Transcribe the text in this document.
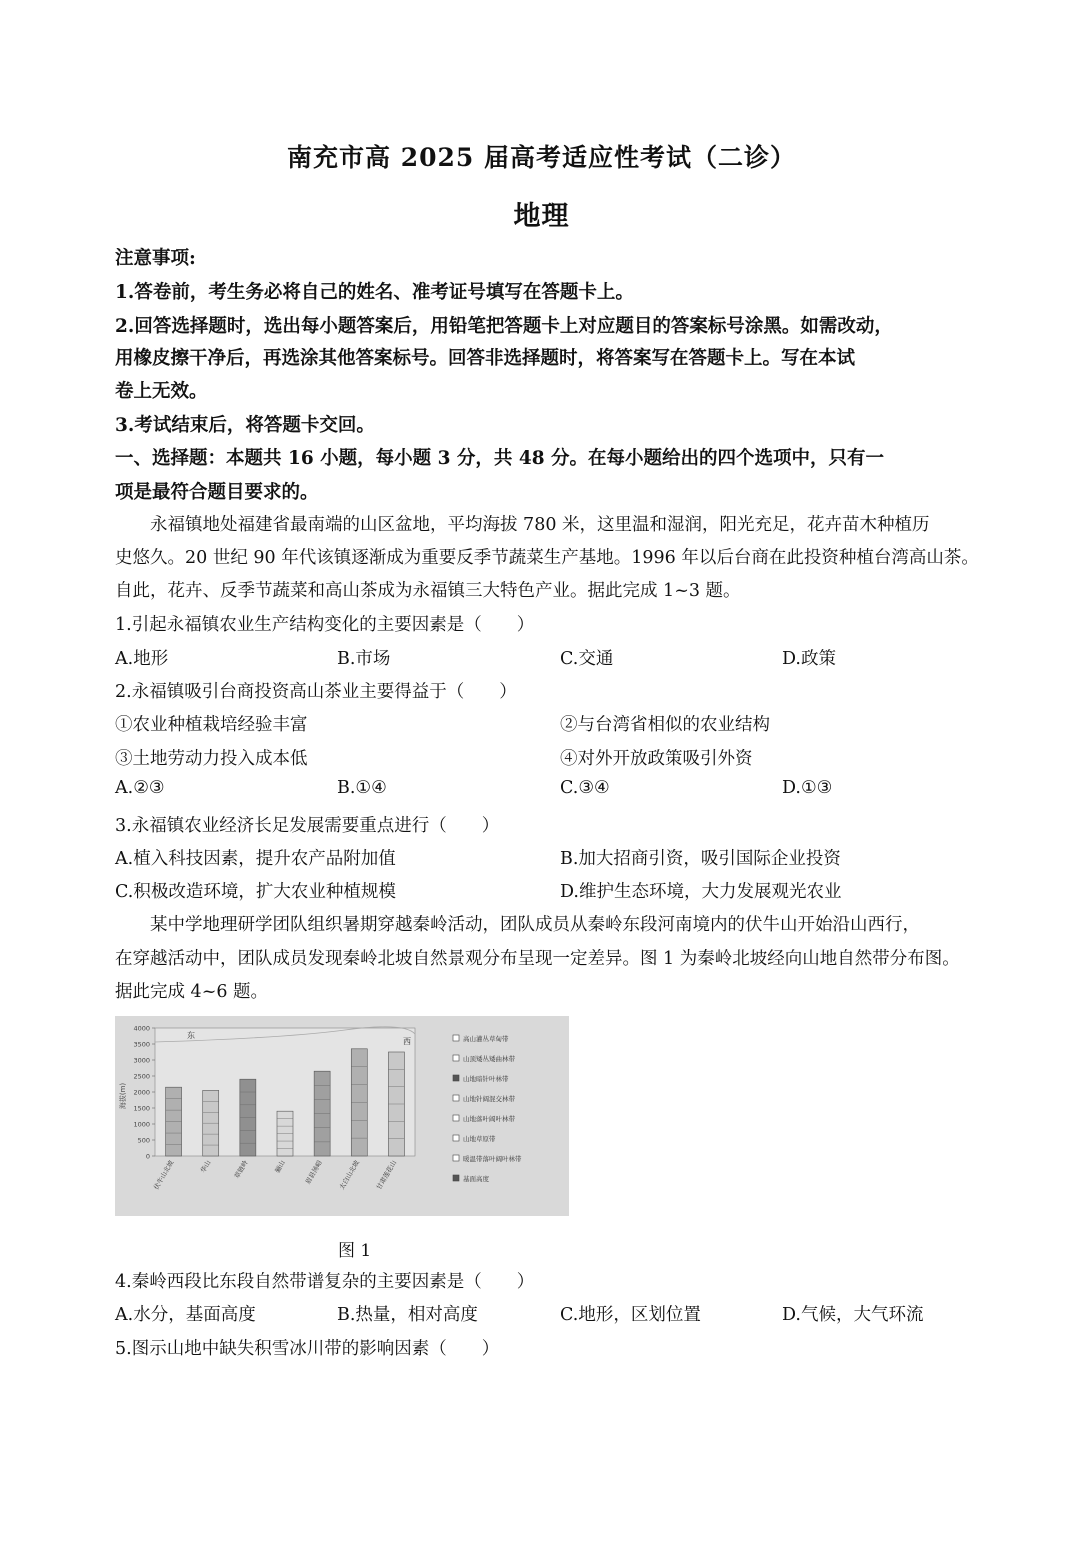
南充市高 2025 届高考适应性考试（二诊）
地理
注意事项:
1.答卷前，考生务必将自己的姓名、准考证号填写在答题卡上。
2.回答选择题时，选出每小题答案后，用铅笔把答题卡上对应题目的答案标号涂黑。如需改动，
用橡皮擦干净后，再选涂其他答案标号。回答非选择题时，将答案写在答题卡上。写在本试
卷上无效。
3.考试结束后，将答题卡交回。
一、选择题：本题共 16 小题，每小题 3 分，共 48 分。在每小题给出的四个选项中，只有一
项是最符合题目要求的。
永福镇地处福建省最南端的山区盆地，平均海拔 780 米，这里温和湿润，阳光充足，花卉苗木种植历
史悠久。20 世纪 90 年代该镇逐渐成为重要反季节蔬菜生产基地。1996 年以后台商在此投资种植台湾高山茶。
自此，花卉、反季节蔬菜和高山茶成为永福镇三大特色产业。据此完成 1~3 题。
1.引起永福镇农业生产结构变化的主要因素是（　　）
A.地形	B.市场	C.交通	D.政策
2.永福镇吸引台商投资高山茶业主要得益于（　　）
①农业种植栽培经验丰富	②与台湾省相似的农业结构
③土地劳动力投入成本低	④对外开放政策吸引外资
A.②③	B.①④	C.③④	D.①③
3.永福镇农业经济长足发展需要重点进行（　　）
A.植入科技因素，提升农产品附加值	B.加大招商引资，吸引国际企业投资
C.积极改造环境，扩大农业种植规模	D.维护生态环境，大力发展观光农业
某中学地理研学团队组织暑期穿越秦岭活动，团队成员从秦岭东段河南境内的伏牛山开始沿山西行，
在穿越活动中，团队成员发现秦岭北坡自然景观分布呈现一定差异。图 1 为秦岭北坡经向山地自然带分布图。
据此完成 4~6 题。
0
500
1000
1500
2000
2500
3000
3500
4000
海拔(m)
伏牛山北坡	华山	草链岭	骊山	眉县汤峪 太白山北坡 甘肃莲花山
东
西	高山灌丛草甸带
山顶矮丛矮曲林带
山地暗针叶林带
山地针阔混交林带
山地落叶阔叶林带
山地草原带
暖温带落叶阔叶林带
基面高度
图 1
4.秦岭西段比东段自然带谱复杂的主要因素是（　　）
A.水分，基面高度	B.热量，相对高度	C.地形，区划位置	D.气候，大气环流
5.图示山地中缺失积雪冰川带的影响因素（　　）
